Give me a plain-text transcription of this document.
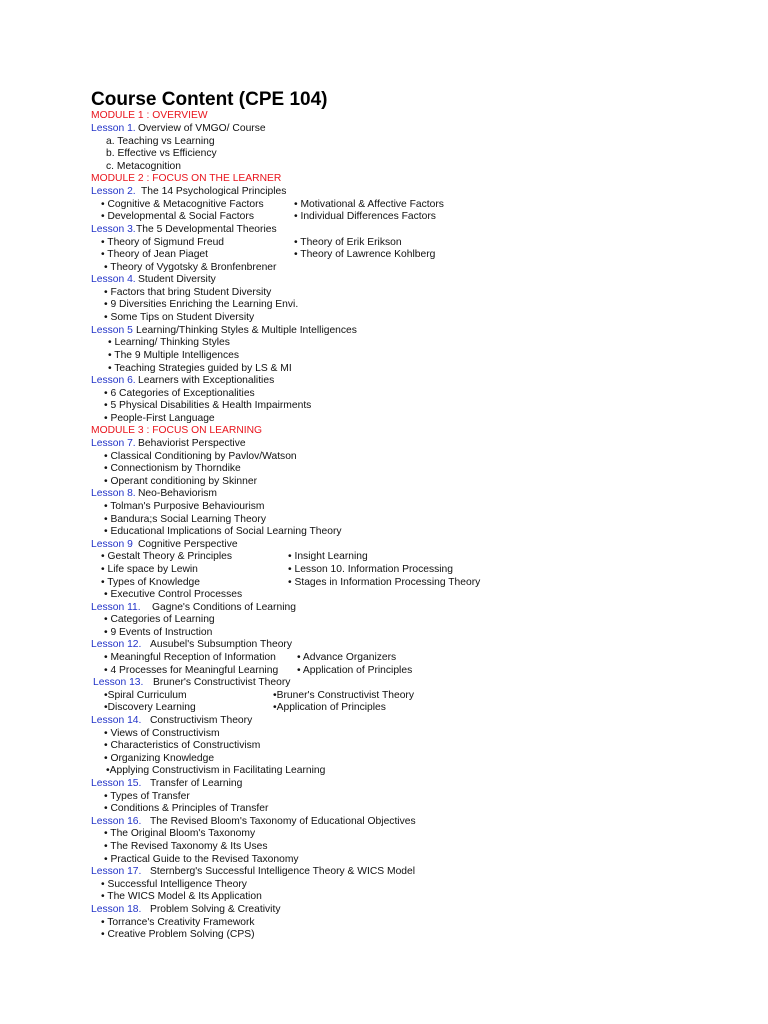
Course Content (CPE 104)
MODULE 1 : OVERVIEW
Lesson 1. Overview of VMGO/ Course
a. Teaching vs Learning
b. Effective vs Efficiency
c. Metacognition
MODULE 2 : FOCUS ON THE LEARNER
Lesson 2. The 14 Psychological Principles
• Cognitive & Metacognitive Factors	• Motivational & Affective Factors
• Developmental & Social Factors	• Individual Differences Factors
Lesson 3. The 5 Developmental Theories
• Theory of Sigmund Freud	• Theory of Erik Erikson
• Theory of Jean Piaget	• Theory of Lawrence Kohlberg
• Theory of Vygotsky & Bronfenbrener
Lesson 4. Student Diversity
• Factors that bring Student Diversity
• 9 Diversities Enriching the Learning Envi.
• Some Tips on Student Diversity
Lesson 5 Learning/Thinking Styles & Multiple Intelligences
• Learning/ Thinking Styles
• The 9 Multiple Intelligences
• Teaching Strategies guided by LS & MI
Lesson 6. Learners with Exceptionalities
• 6 Categories of Exceptionalities
• 5 Physical Disabilities & Health Impairments
• People-First Language
MODULE 3 : FOCUS ON LEARNING
Lesson 7. Behaviorist Perspective
• Classical Conditioning by Pavlov/Watson
• Connectionism by Thorndike
• Operant conditioning by Skinner
Lesson 8. Neo-Behaviorism
• Tolman's Purposive Behaviourism
• Bandura;s Social Learning Theory
• Educational Implications of Social Learning Theory
Lesson 9 Cognitive Perspective
• Gestalt Theory & Principles	• Insight Learning
• Life space by Lewin	• Lesson 10. Information Processing
• Types of Knowledge	• Stages in Information Processing Theory
• Executive Control Processes
Lesson 11. Gagne's Conditions of Learning
• Categories of Learning
• 9 Events of Instruction
Lesson 12. Ausubel's Subsumption Theory
• Meaningful Reception of Information • Advance Organizers
• 4 Processes for Meaningful Learning • Application of Principles
Lesson 13. Bruner's Constructivist Theory
•Spiral Curriculum	•Bruner's Constructivist Theory
•Discovery Learning	•Application of Principles
Lesson 14. Constructivism Theory
• Views of Constructivism
• Characteristics of Constructivism
• Organizing Knowledge
•Applying Constructivism in Facilitating Learning
Lesson 15. Transfer of Learning
• Types of Transfer
• Conditions & Principles of Transfer
Lesson 16. The Revised Bloom's Taxonomy of Educational Objectives
• The Original Bloom's Taxonomy
• The Revised Taxonomy & Its Uses
• Practical Guide to the Revised Taxonomy
Lesson 17. Sternberg's Successful Intelligence Theory & WICS Model
• Successful Intelligence Theory
• The WICS Model & Its Application
Lesson 18. Problem Solving & Creativity
• Torrance's Creativity Framework
• Creative Problem Solving (CPS)
